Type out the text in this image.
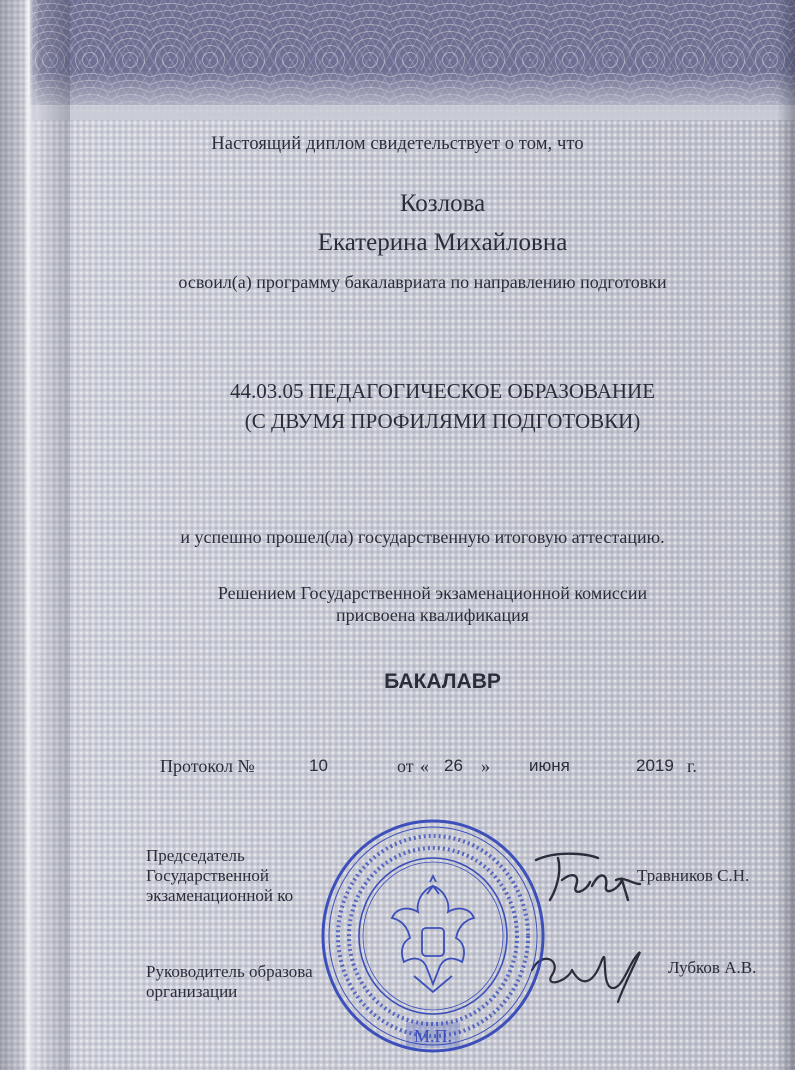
Настоящий диплом свидетельствует о том, что
Козлова
Екатерина Михайловна
освоил(а) программу бакалавриата по направлению подготовки
44.03.05 ПЕДАГОГИЧЕСКОЕ ОБРАЗОВАНИЕ
(С ДВУМЯ ПРОФИЛЯМИ ПОДГОТОВКИ)
и успешно прошел(ла) государственную итоговую аттестацию.
Решением Государственной экзаменационной комиссии
присвоена квалификация
БАКАЛАВР
Протокол №	10	от « 26 » июня	2019 г.
Председатель
Государственной
экзаменационной ко
Травников С.Н.
Руководитель образова
организации
Лубков А.В.
М.П.
